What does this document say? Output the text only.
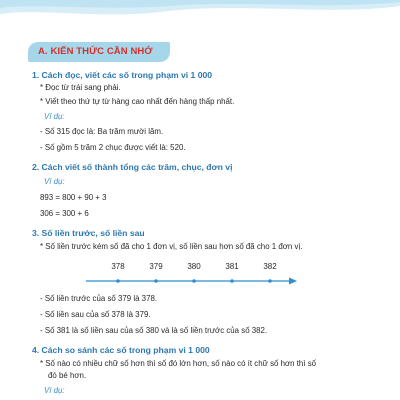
A. KIẾN THỨC CẦN NHỚ
1. Cách đọc, viết các số trong phạm vi 1 000
* Đọc từ trái sang phải.
* Viết theo thứ tự từ hàng cao nhất đến hàng thấp nhất.
Ví dụ:
- Số 315 đọc là: Ba trăm mười lăm.
- Số gồm 5 trăm 2 chục được viết là: 520.
2. Cách viết số thành tổng các trăm, chục, đơn vị
Ví dụ:
893 = 800 + 90 + 3
306 = 300 + 6
3. Số liền trước, số liền sau
* Số liền trước kém số đã cho 1 đơn vị, số liền sau hơn số đã cho 1 đơn vị.
378	379	380	381	382
- Số liền trước của số 379 là 378.
- Số liền sau của số 378 là 379.
- Số 381 là số liền sau của số 380 và là số liền trước của số 382.
4. Cách so sánh các số trong phạm vi 1 000
* Số nào có nhiều chữ số hơn thì số đó lớn hơn, số nào có ít chữ số hơn thì số
đó bé hơn.
Ví dụ:
